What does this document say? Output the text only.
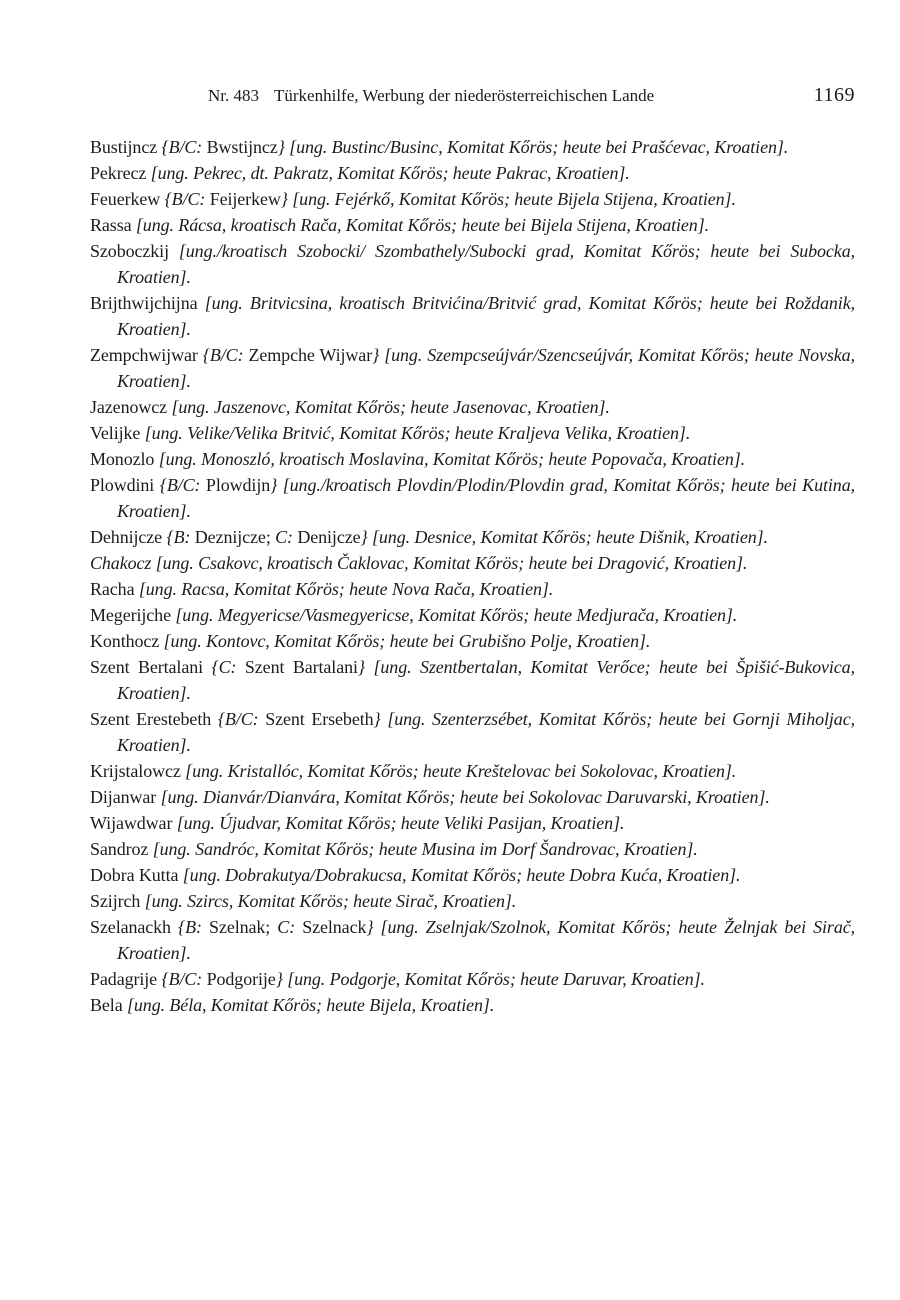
Nr. 483 Türkenhilfe, Werbung der niederösterreichischen Lande	1169

Bustijncz {B/C: Bwstijncz} [ung. Bustinc/Businc, Komitat Kőrös; heute bei Prašćevac, Kroatien].

Pekrecz [ung. Pekrec, dt. Pakratz, Komitat Kőrös; heute Pakrac, Kroatien].

Feuerkew {B/C: Feijerkew} [ung. Fejérkő, Komitat Kőrös; heute Bijela Stijena, Kroatien].

Rassa [ung. Rácsa, kroatisch Rača, Komitat Kőrös; heute bei Bijela Stijena, Kroatien].

Szoboczkij [ung./kroatisch Szobocki/ Szombathely/Subocki grad, Komitat Kőrös; heute bei Subocka, Kroatien].

Brijthwijchijna [ung. Britvicsina, kroatisch Britvićina/Britvić grad, Komitat Kőrös; heute bei Roždanik, Kroatien].

Zempchwijwar {B/C: Zempche Wijwar} [ung. Szempcseújvár/Szencseújvár, Komitat Kőrös; heute Novska, Kroatien].

Jazenowcz [ung. Jaszenovc, Komitat Kőrös; heute Jasenovac, Kroatien].

Velijke [ung. Velike/Velika Britvić, Komitat Kőrös; heute Kraljeva Velika, Kroatien].

Monozlo [ung. Monoszló, kroatisch Moslavina, Komitat Kőrös; heute Popovača, Kroatien].

Plowdini {B/C: Plowdijn} [ung./kroatisch Plovdin/Plodin/Plovdin grad, Komitat Kőrös; heute bei Kutina, Kroatien].

Dehnijcze {B: Deznijcze; C: Denijcze} [ung. Desnice, Komitat Kőrös; heute Dišnik, Kroatien].

Chakocz [ung. Csakovc, kroatisch Čaklovac, Komitat Kőrös; heute bei Dragović, Kroatien].

Racha [ung. Racsa, Komitat Kőrös; heute Nova Rača, Kroatien].

Megerijche [ung. Megyericse/Vasmegyericse, Komitat Kőrös; heute Medjurača, Kroatien].

Konthocz [ung. Kontovc, Komitat Kőrös; heute bei Grubišno Polje, Kroatien].

Szent Bertalani {C: Szent Bartalani} [ung. Szentbertalan, Komitat Verőce; heute bei Špišić-Bukovica, Kroatien].

Szent Erestebeth {B/C: Szent Ersebeth} [ung. Szenterzsébet, Komitat Kőrös; heute bei Gornji Miholjac, Kroatien].

Krijstalowcz [ung. Kristallóc, Komitat Kőrös; heute Kreštelovac bei Sokolovac, Kroatien].

Dijanwar [ung. Dianvár/Dianvára, Komitat Kőrös; heute bei Sokolovac Daruvarski, Kroatien].

Wijawdwar [ung. Újudvar, Komitat Kőrös; heute Veliki Pasijan, Kroatien].

Sandroz [ung. Sandróc, Komitat Kőrös; heute Musina im Dorf Šandrovac, Kroatien].

Dobra Kutta [ung. Dobrakutya/Dobrakucsa, Komitat Kőrös; heute Dobra Kuća, Kroatien].

Szijrch [ung. Szircs, Komitat Kőrös; heute Sirač, Kroatien].

Szelanackh {B: Szelnak; C: Szelnack} [ung. Zselnjak/Szolnok, Komitat Kőrös; heute Želnjak bei Sirač, Kroatien].

Padagrije {B/C: Podgorije} [ung. Podgorje, Komitat Kőrös; heute Daruvar, Kroatien].

Bela [ung. Béla, Komitat Kőrös; heute Bijela, Kroatien].
